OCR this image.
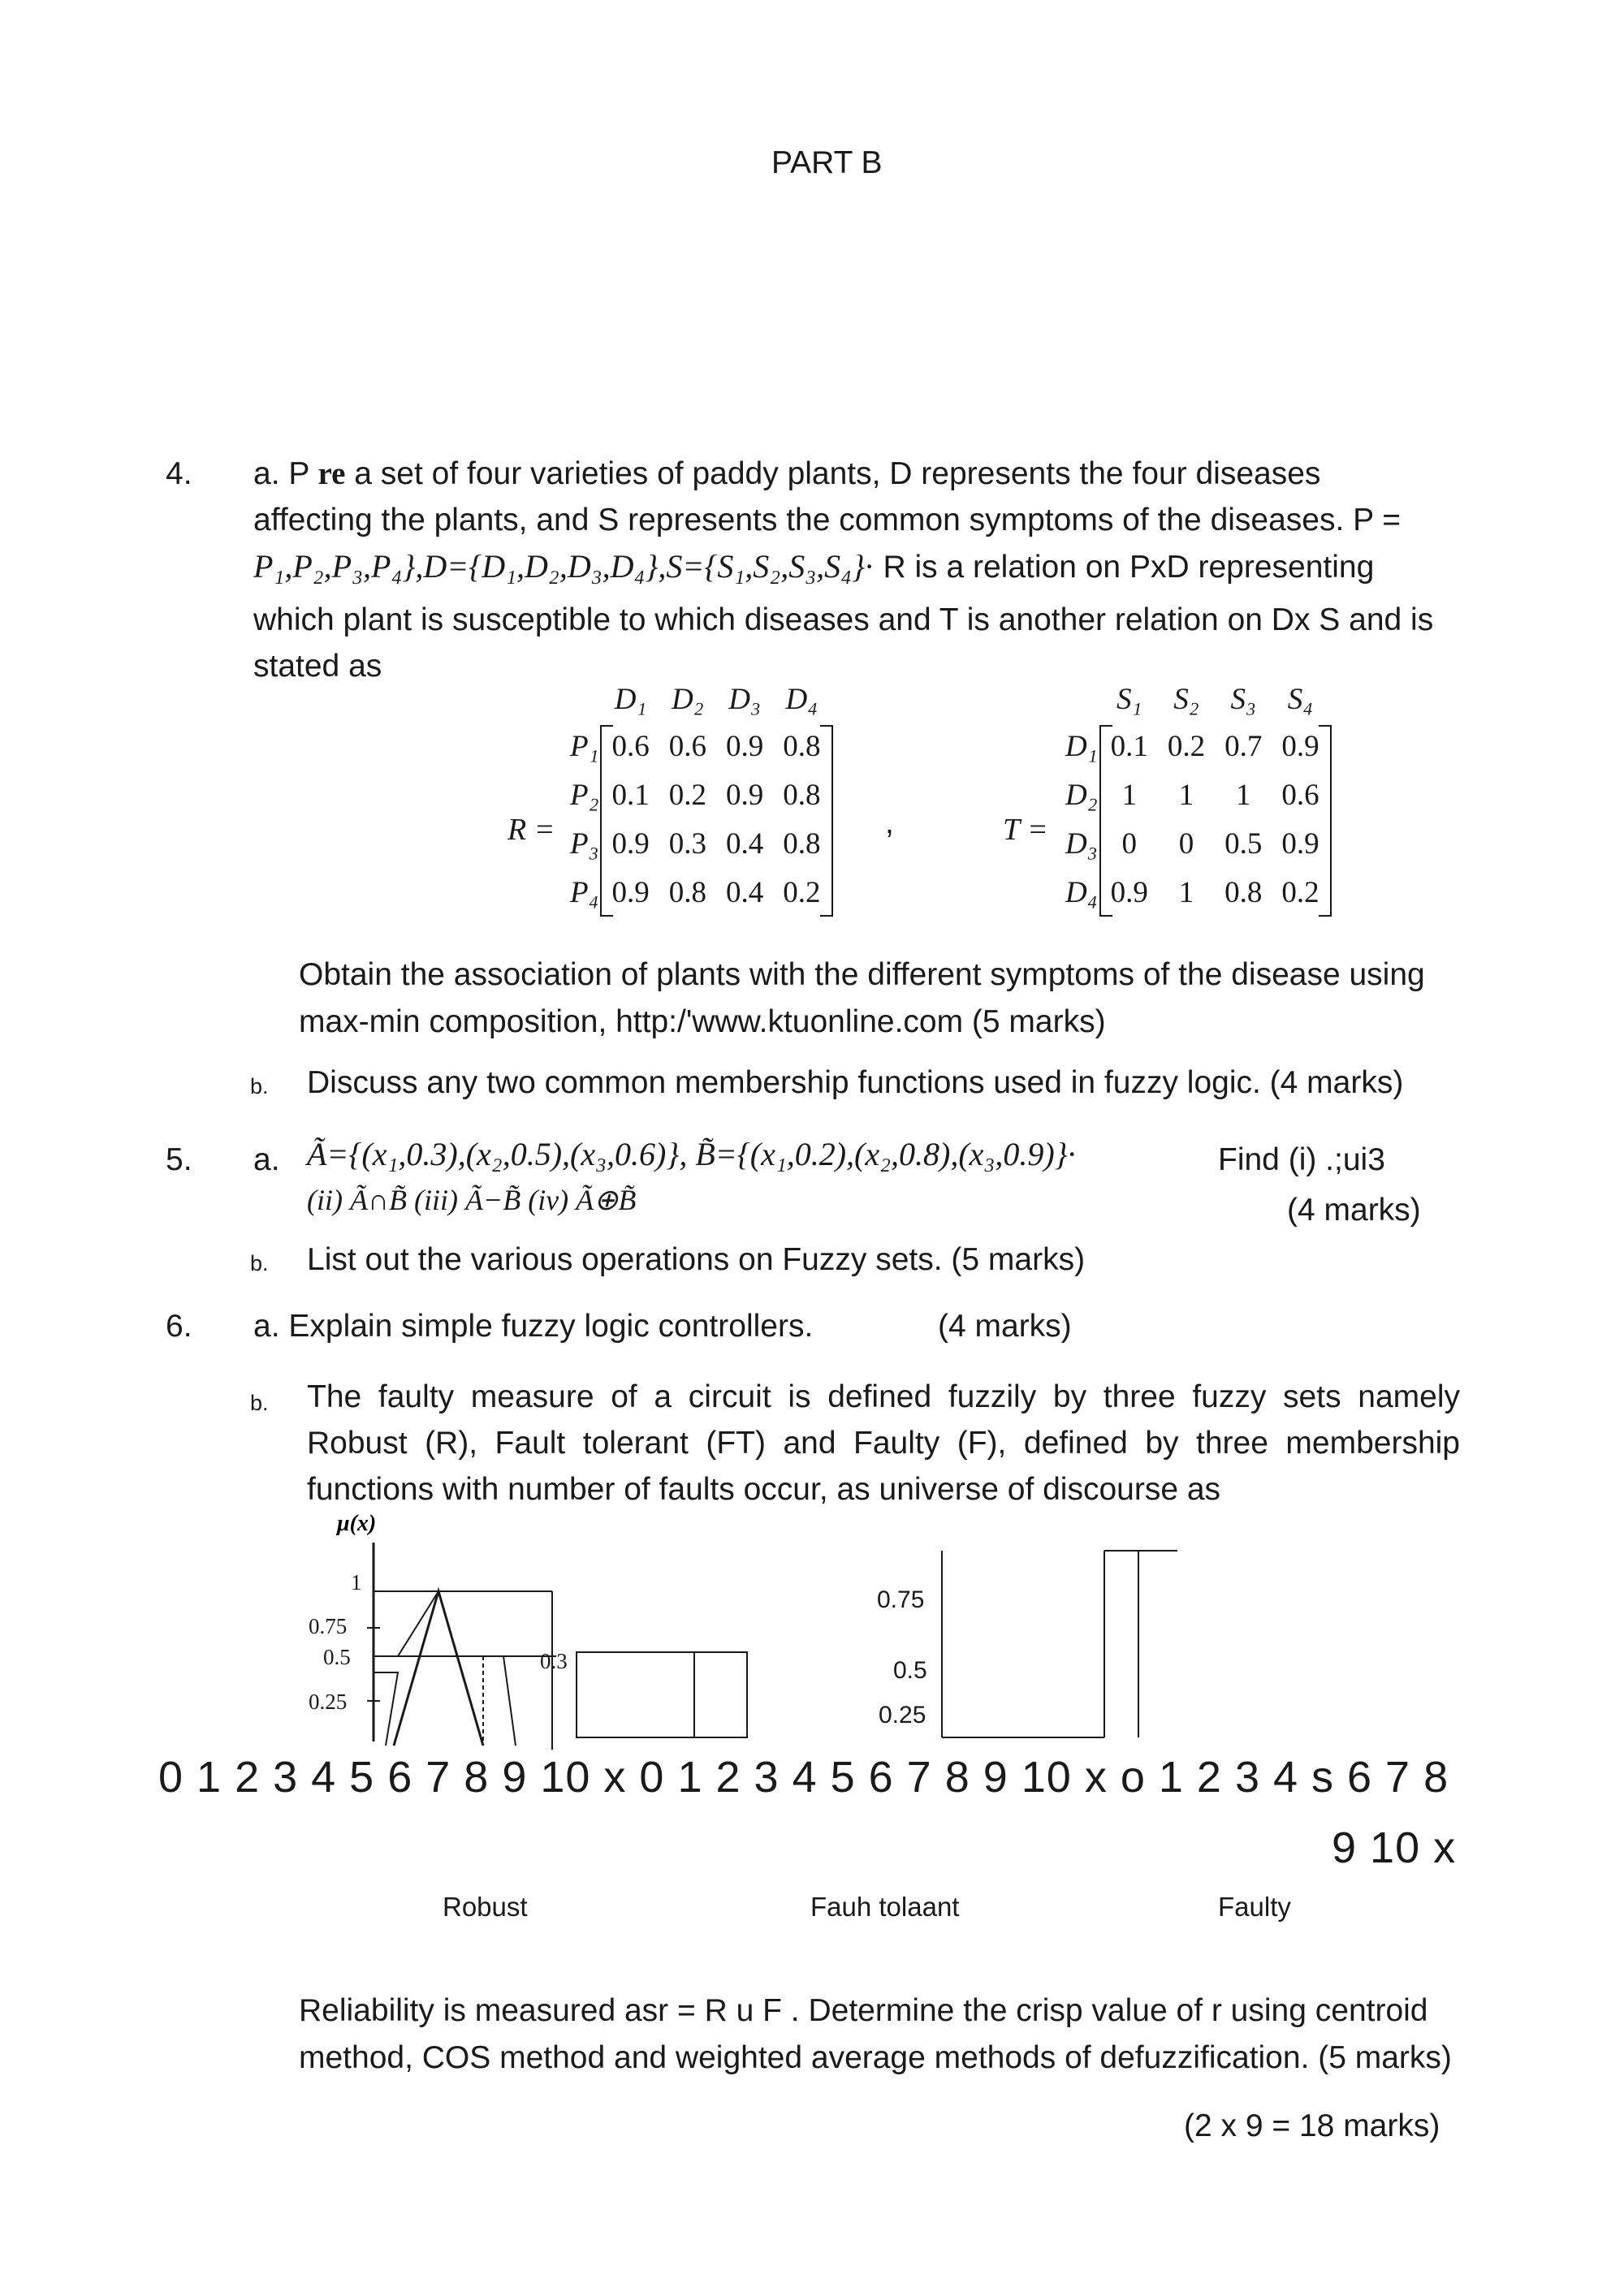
PART B
4. a. P re a set of four varieties of paddy plants, D represents the four diseases
affecting the plants, and S represents the common symptoms of the diseases. P =
P₁,P₂,P₃,P₄},D={D₁,D₂,D₃,D₄},S={S₁,S₂,S₃,S₄}· R is a relation on PxD representing
which plant is susceptible to which diseases and T is another relation on Dx S and is
stated as
R =
	D₁	D₂	D₃	D₄
P₁	0.6	0.6	0.9	0.8
P₂	0.1	0.2	0.9	0.8
P₃	0.9	0.3	0.4	0.8
P₄	0.9	0.8	0.4	0.2
,	T =
	S₁	S₂	S₃	S₄
D₁	0.1	0.2	0.7	0.9
D₂	1	1	1	0.6
D₃	0	0	0.5	0.9
D₄	0.9	1	0.8	0.2
Obtain the association of plants with the different symptoms of the disease using
max-min composition, http:/'www.ktuonline.com (5 marks)
b. Discuss any two common membership functions used in fuzzy logic. (4 marks)
5. a. Ã={(x₁,0.3),(x₂,0.5),(x₃,0.6)}, B̃={(x₁,0.2),(x₂,0.8),(x₃,0.9)}·	Find (i) .;ui3
(ii) Ã∩B̃ (iii) Ã−B̃ (iv) Ã⊕B̃	(4 marks)
b. List out the various operations on Fuzzy sets. (5 marks)
6. a. Explain simple fuzzy logic controllers.	(4 marks)
b. The faulty measure of a circuit is defined fuzzily by three fuzzy sets namely
Robust (R), Fault tolerant (FT) and Faulty (F), defined by three membership
functions with number of faults occur, as universe of discourse as
μ(x)
1
0.75
0.5
0.25
0.3
0.75
0.5
0.25
0 1 2 3 4 5 6 7 8 9 10 x 0 1 2 3 4 5 6 7 8 9 10 x o 1 2 3 4 s 6 7 8
9 10 x
Robust	Fauh tolaant	Faulty
Reliability is measured asr = R u F . Determine the crisp value of r using centroid
method, COS method and weighted average methods of defuzzification. (5 marks)
(2 x 9 = 18 marks)
